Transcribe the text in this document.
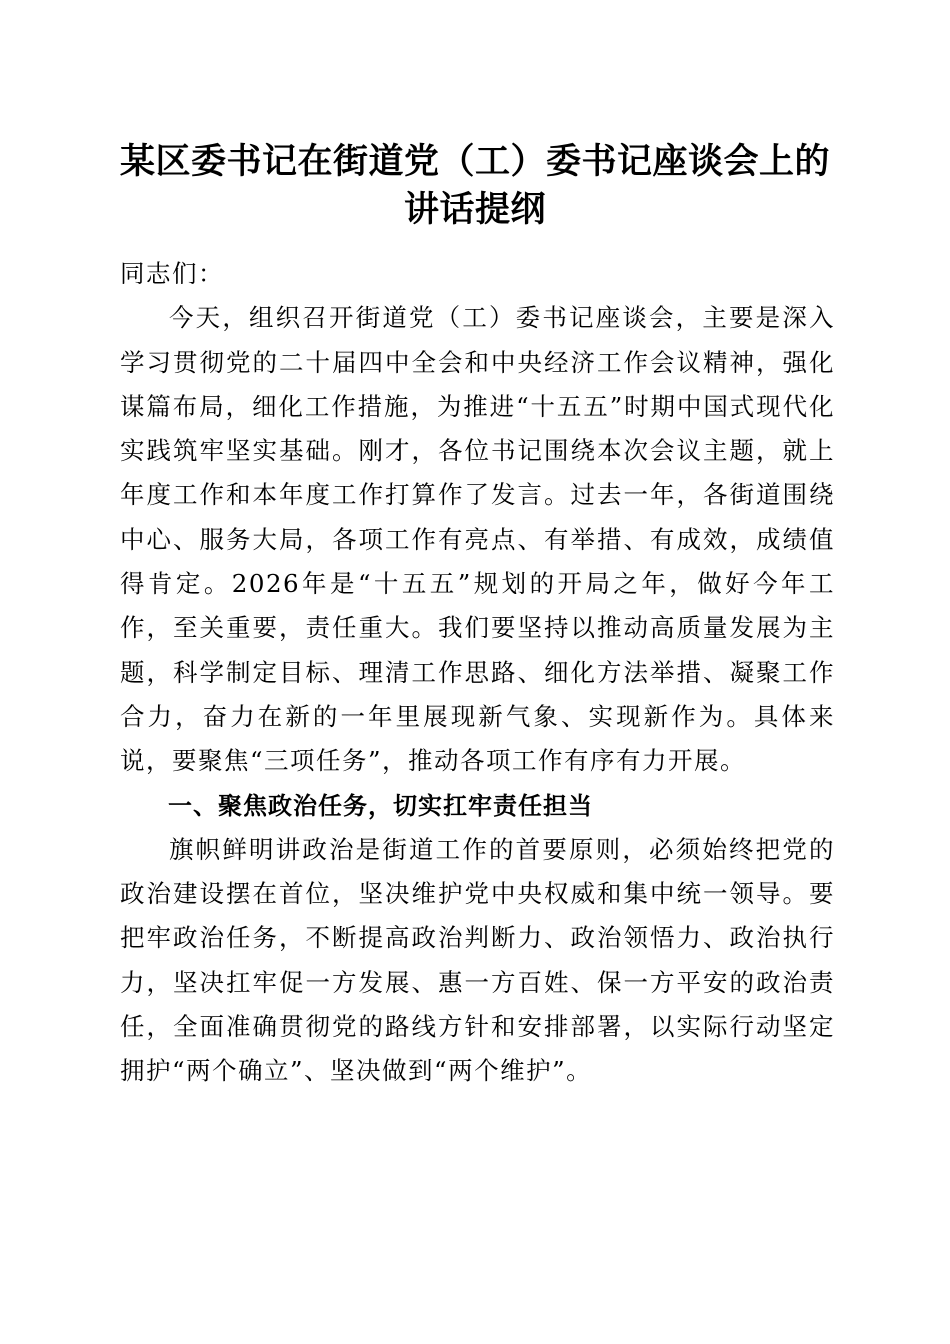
某区委书记在街道党（工）委书记座谈会上的
讲话提纲

同志们：

今天，组织召开街道党（工）委书记座谈会，主要是深入学习贯彻党的二十届四中全会和中央经济工作会议精神，强化谋篇布局，细化工作措施，为推进“十五五”时期中国式现代化实践筑牢坚实基础。刚才，各位书记围绕本次会议主题，就上年度工作和本年度工作打算作了发言。过去一年，各街道围绕中心、服务大局，各项工作有亮点、有举措、有成效，成绩值得肯定。2026年是“十五五”规划的开局之年，做好今年工作，至关重要，责任重大。我们要坚持以推动高质量发展为主题，科学制定目标、理清工作思路、细化方法举措、凝聚工作合力，奋力在新的一年里展现新气象、实现新作为。具体来说，要聚焦“三项任务”，推动各项工作有序有力开展。

一、聚焦政治任务，切实扛牢责任担当

旗帜鲜明讲政治是街道工作的首要原则，必须始终把党的政治建设摆在首位，坚决维护党中央权威和集中统一领导。要把牢政治任务，不断提高政治判断力、政治领悟力、政治执行力，坚决扛牢促一方发展、惠一方百姓、保一方平安的政治责任，全面准确贯彻党的路线方针和安排部署，以实际行动坚定拥护“两个确立”、坚决做到“两个维护”。
